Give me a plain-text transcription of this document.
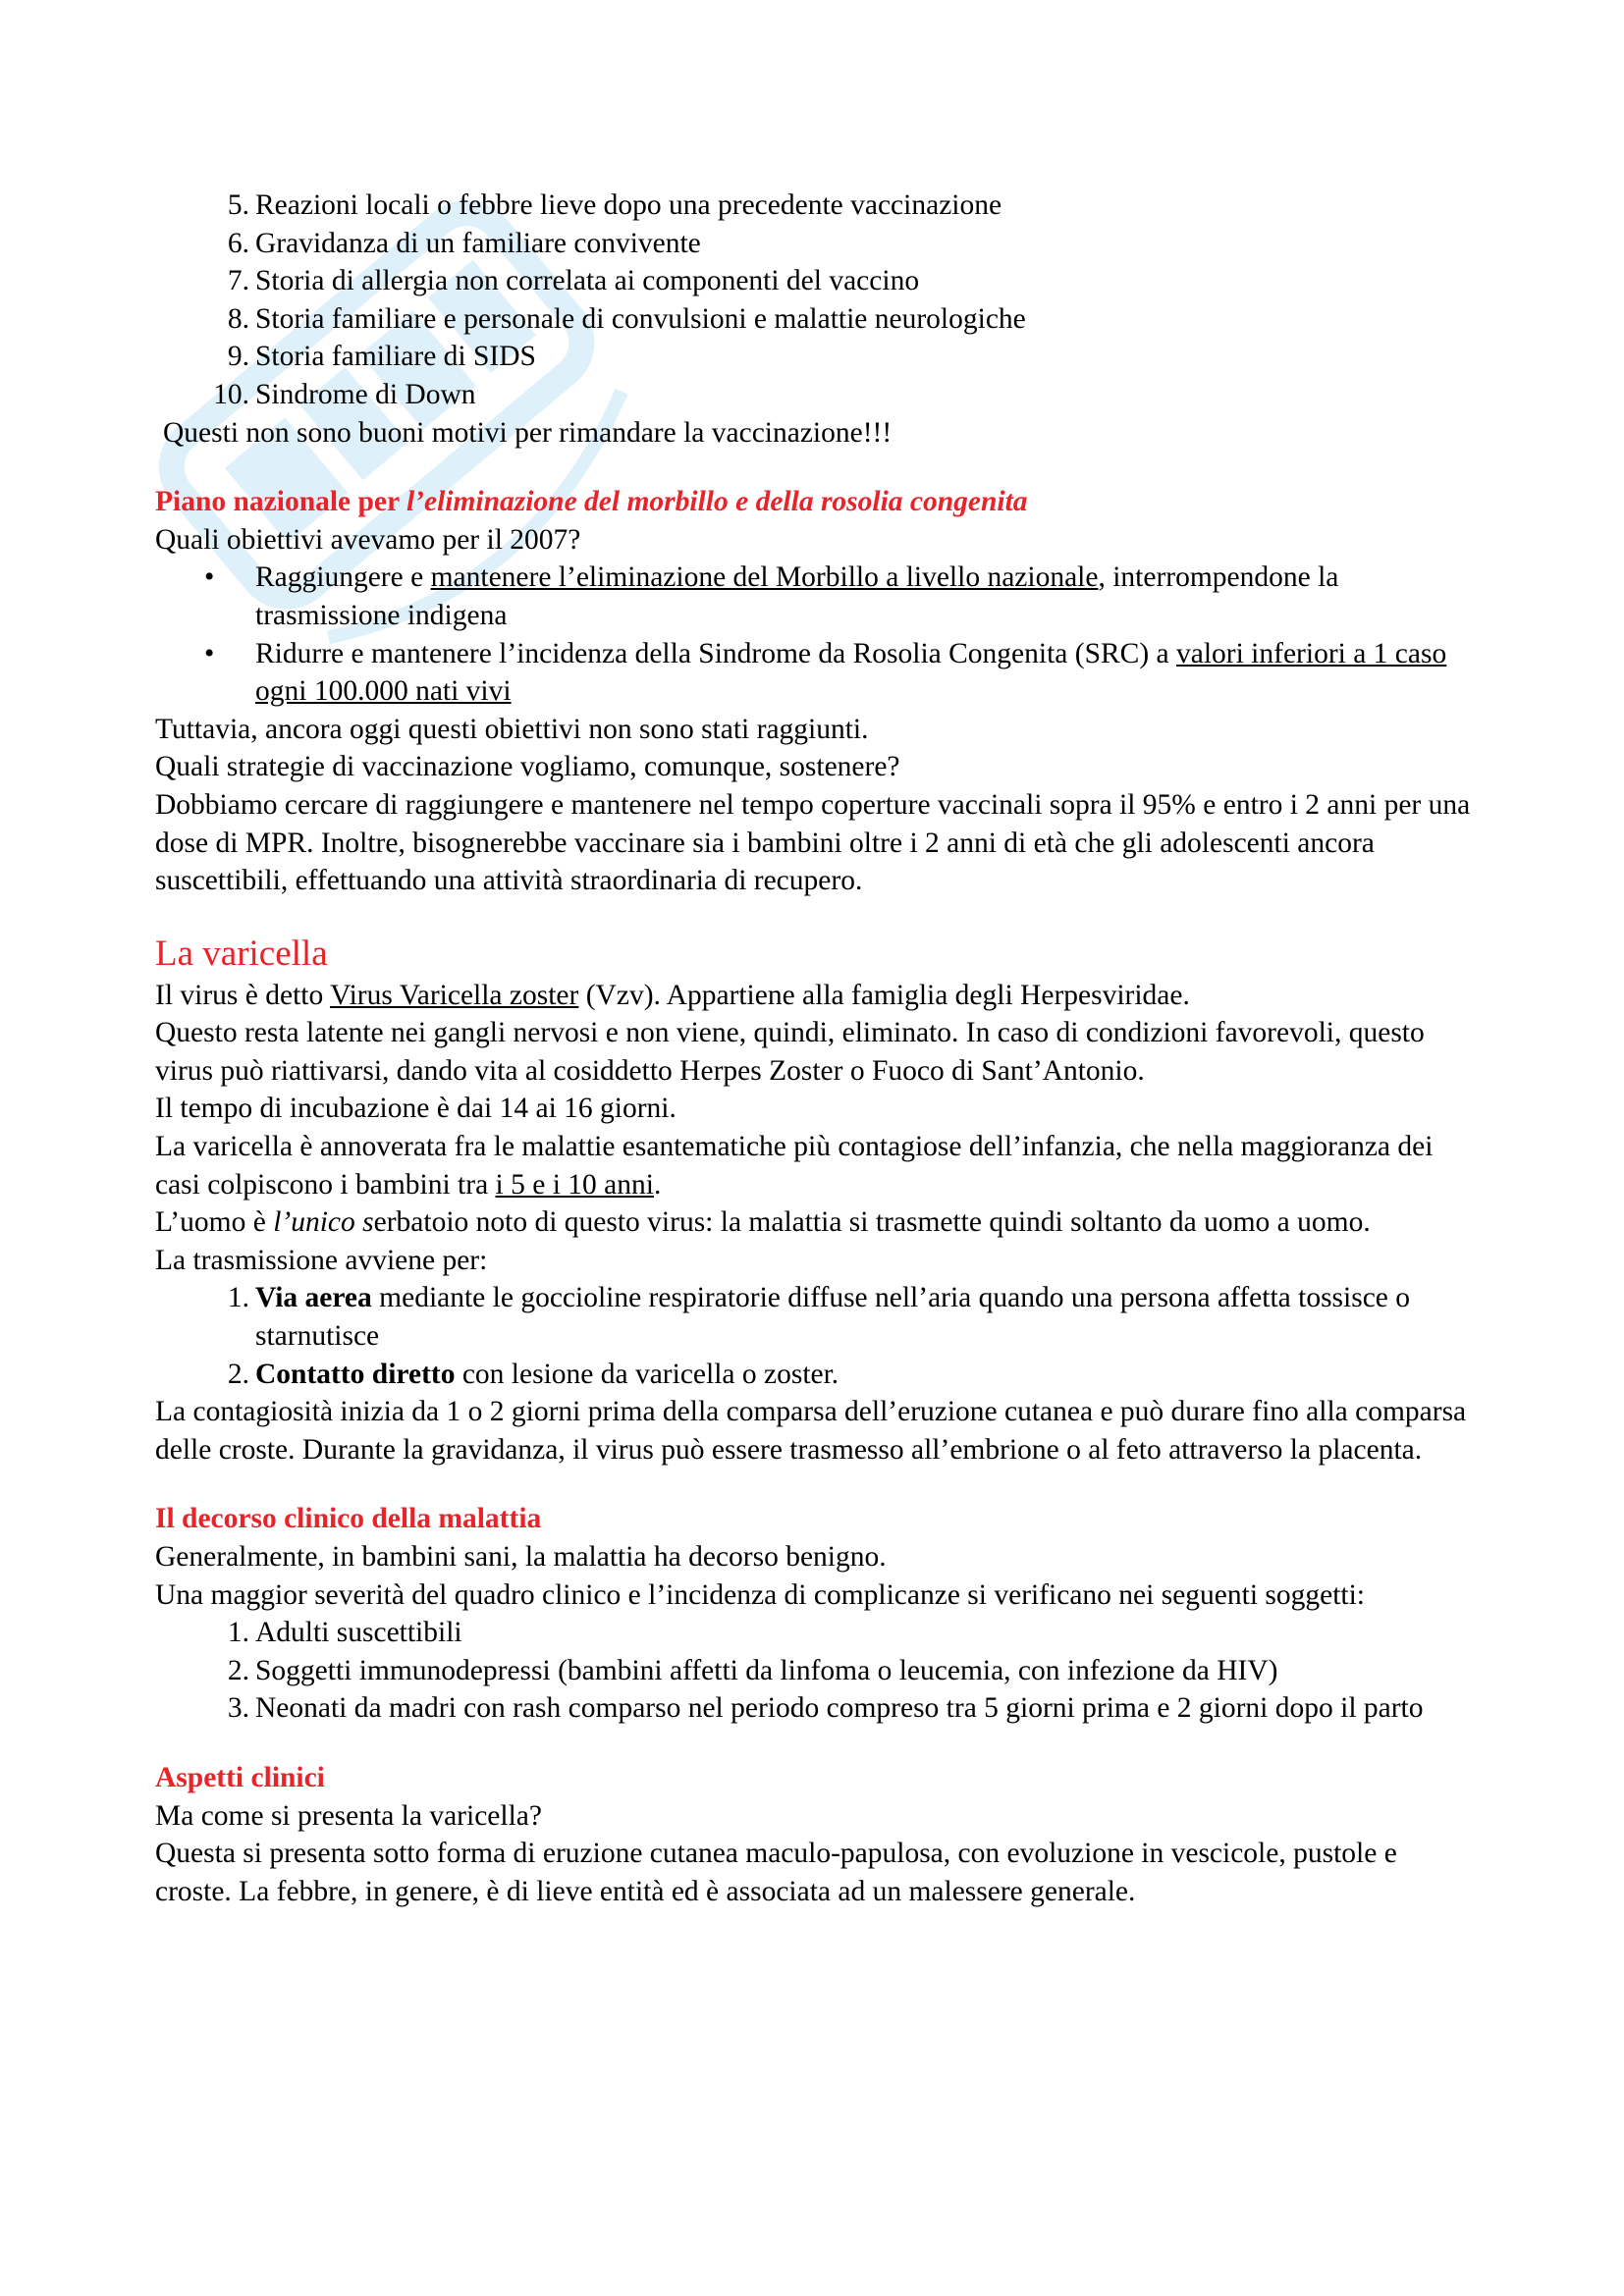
5. Reazioni locali o febbre lieve dopo una precedente vaccinazione
6. Gravidanza di un familiare convivente
7. Storia di allergia non correlata ai componenti del vaccino
8. Storia familiare e personale di convulsioni e malattie neurologiche
9. Storia familiare di SIDS
10. Sindrome di Down

Questi non sono buoni motivi per rimandare la vaccinazione!!!

Piano nazionale per l’eliminazione del morbillo e della rosolia congenita

Quali obiettivi avevamo per il 2007?

• Raggiungere e mantenere l’eliminazione del Morbillo a livello nazionale, interrompendone la trasmissione indigena
• Ridurre e mantenere l’incidenza della Sindrome da Rosolia Congenita (SRC) a valori inferiori a 1 caso ogni 100.000 nati vivi

Tuttavia, ancora oggi questi obiettivi non sono stati raggiunti.

Quali strategie di vaccinazione vogliamo, comunque, sostenere?

Dobbiamo cercare di raggiungere e mantenere nel tempo coperture vaccinali sopra il 95% e entro i 2 anni per una dose di MPR. Inoltre, bisognerebbe vaccinare sia i bambini oltre i 2 anni di età che gli adolescenti ancora suscettibili, effettuando una attività straordinaria di recupero.

La varicella

Il virus è detto Virus Varicella zoster (Vzv). Appartiene alla famiglia degli Herpesviridae.

Questo resta latente nei gangli nervosi e non viene, quindi, eliminato. In caso di condizioni favorevoli, questo virus può riattivarsi, dando vita al cosiddetto Herpes Zoster o Fuoco di Sant’Antonio.

Il tempo di incubazione è dai 14 ai 16 giorni.

La varicella è annoverata fra le malattie esantematiche più contagiose dell’infanzia, che nella maggioranza dei casi colpiscono i bambini tra i 5 e i 10 anni.

L’uomo è l’unico serbatoio noto di questo virus: la malattia si trasmette quindi soltanto da uomo a uomo.

La trasmissione avviene per:

1. Via aerea mediante le goccioline respiratorie diffuse nell’aria quando una persona affetta tossisce o starnutisce
2. Contatto diretto con lesione da varicella o zoster.

La contagiosità inizia da 1 o 2 giorni prima della comparsa dell’eruzione cutanea e può durare fino alla comparsa delle croste. Durante la gravidanza, il virus può essere trasmesso all’embrione o al feto attraverso la placenta.

Il decorso clinico della malattia

Generalmente, in bambini sani, la malattia ha decorso benigno.

Una maggior severità del quadro clinico e l’incidenza di complicanze si verificano nei seguenti soggetti:

1. Adulti suscettibili
2. Soggetti immunodepressi (bambini affetti da linfoma o leucemia, con infezione da HIV)
3. Neonati da madri con rash comparso nel periodo compreso tra 5 giorni prima e 2 giorni dopo il parto

Aspetti clinici

Ma come si presenta la varicella?

Questa si presenta sotto forma di eruzione cutanea maculo-papulosa, con evoluzione in vescicole, pustole e croste. La febbre, in genere, è di lieve entità ed è associata ad un malessere generale.
